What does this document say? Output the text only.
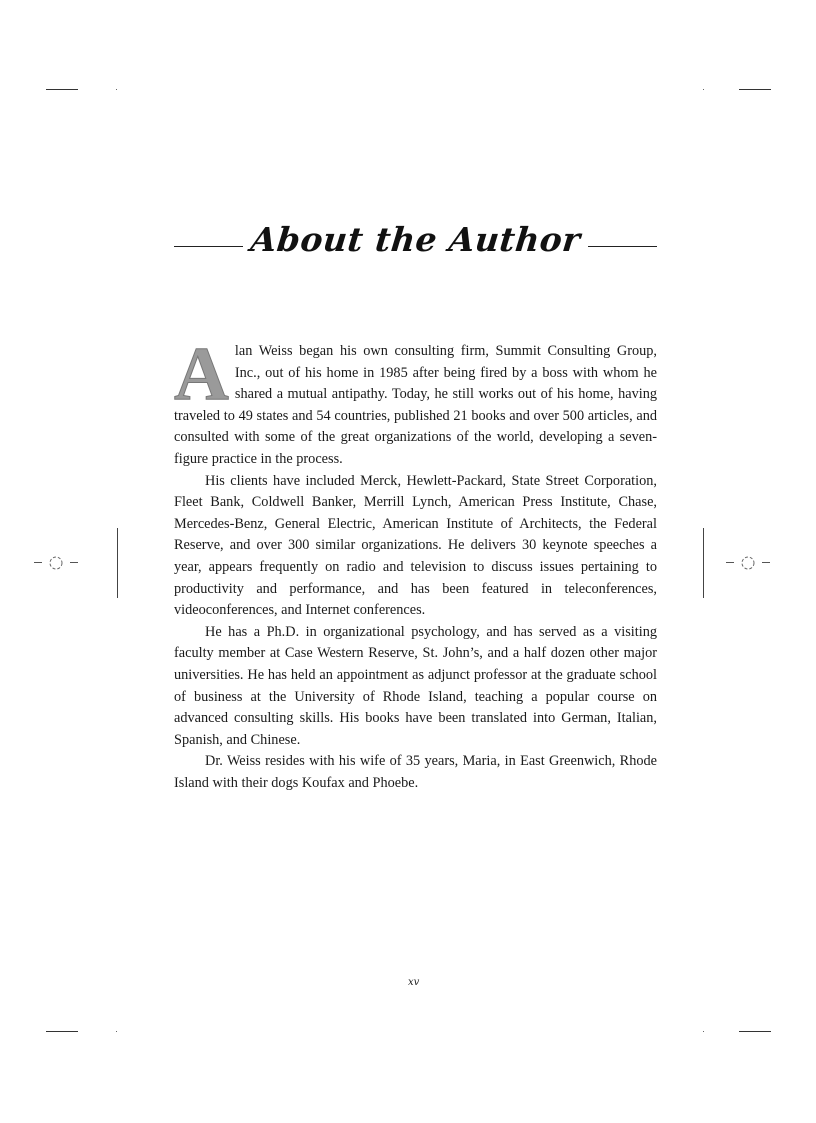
About the Author

Alan Weiss began his own consulting firm, Summit Consulting Group, Inc., out of his home in 1985 after being fired by a boss with whom he shared a mutual antipathy. Today, he still works out of his home, having traveled to 49 states and 54 countries, published 21 books and over 500 articles, and consulted with some of the great organizations of the world, developing a seven-figure practice in the process.

His clients have included Merck, Hewlett-Packard, State Street Corporation, Fleet Bank, Coldwell Banker, Merrill Lynch, American Press Institute, Chase, Mercedes-Benz, General Electric, American Institute of Architects, the Federal Reserve, and over 300 similar organizations. He delivers 30 keynote speeches a year, appears frequently on radio and television to discuss issues pertaining to productivity and performance, and has been featured in teleconferences, videoconferences, and Internet conferences.

He has a Ph.D. in organizational psychology, and has served as a visiting faculty member at Case Western Reserve, St. John’s, and a half dozen other major universities. He has held an appointment as adjunct professor at the graduate school of business at the University of Rhode Island, teaching a popular course on advanced consulting skills. His books have been translated into German, Italian, Spanish, and Chinese.

Dr. Weiss resides with his wife of 35 years, Maria, in East Greenwich, Rhode Island with their dogs Koufax and Phoebe.

xv
